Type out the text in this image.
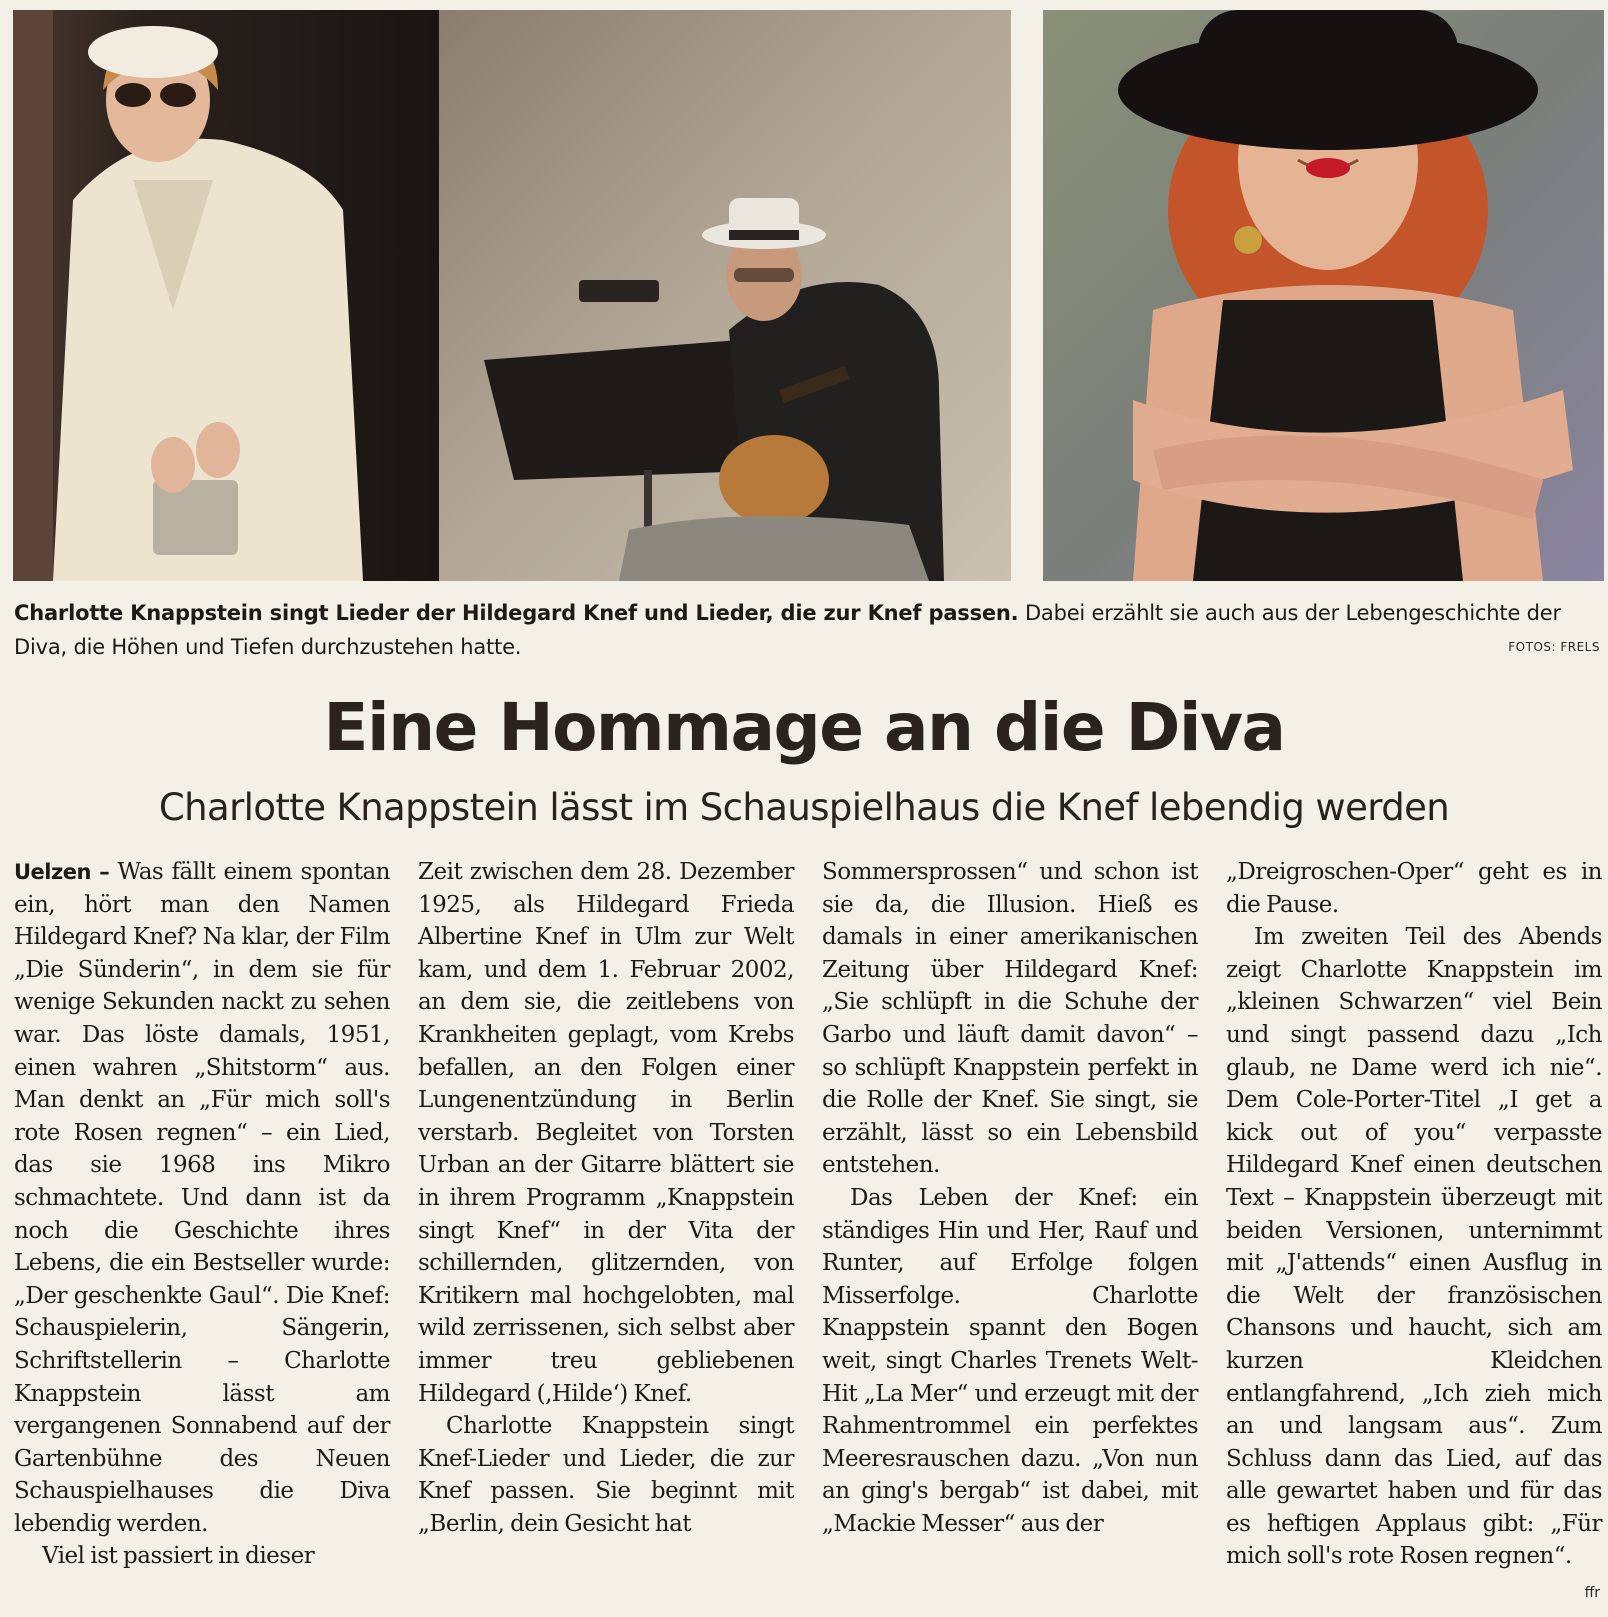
Charlotte Knappstein singt Lieder der Hildegard Knef und Lieder, die zur Knef passen. Dabei erzählt sie auch aus der Lebengeschichte der Diva, die Höhen und Tiefen durchzustehen hatte.	FOTOS: FRELS
Eine Hommage an die Diva
Charlotte Knappstein lässt im Schauspielhaus die Knef lebendig werden

Uelzen – Was fällt einem spontan ein, hört man den Namen Hildegard Knef? Na klar, der Film „Die Sünderin“, in dem sie für wenige Sekunden nackt zu sehen war. Das löste damals, 1951, einen wahren „Shitstorm“ aus. Man denkt an „Für mich soll's rote Rosen regnen“ – ein Lied, das sie 1968 ins Mikro schmachtete. Und dann ist da noch die Geschichte ihres Lebens, die ein Bestseller wurde: „Der geschenkte Gaul“. Die Knef: Schauspielerin, Sängerin, Schriftstellerin – Charlotte Knappstein lässt am vergangenen Sonnabend auf der Gartenbühne des Neuen Schauspielhauses die Diva lebendig werden.

Viel ist passiert in dieser

Zeit zwischen dem 28. Dezember 1925, als Hildegard Frieda Albertine Knef in Ulm zur Welt kam, und dem 1. Februar 2002, an dem sie, die zeitlebens von Krankheiten geplagt, vom Krebs befallen, an den Folgen einer Lungenentzündung in Berlin verstarb. Begleitet von Torsten Urban an der Gitarre blättert sie in ihrem Programm „Knappstein singt Knef“ in der Vita der schillernden, glitzernden, von Kritikern mal hochgelobten, mal wild zerrissenen, sich selbst aber immer treu gebliebenen Hildegard (‚Hilde‘) Knef.

Charlotte Knappstein singt Knef-Lieder und Lieder, die zur Knef passen. Sie beginnt mit „Berlin, dein Gesicht hat

Sommersprossen“ und schon ist sie da, die Illusion. Hieß es damals in einer amerikanischen Zeitung über Hildegard Knef: „Sie schlüpft in die Schuhe der Garbo und läuft damit davon“ – so schlüpft Knappstein perfekt in die Rolle der Knef. Sie singt, sie erzählt, lässt so ein Lebensbild entstehen.

Das Leben der Knef: ein ständiges Hin und Her, Rauf und Runter, auf Erfolge folgen Misserfolge. Charlotte Knappstein spannt den Bogen weit, singt Charles Trenets Welt-Hit „La Mer“ und erzeugt mit der Rahmentrommel ein perfektes Meeresrauschen dazu. „Von nun an ging's bergab“ ist dabei, mit „Mackie Messer“ aus der

„Dreigroschen-Oper“ geht es in die Pause.

Im zweiten Teil des Abends zeigt Charlotte Knappstein im „kleinen Schwarzen“ viel Bein und singt passend dazu „Ich glaub, ne Dame werd ich nie“. Dem Cole-Porter-Titel „I get a kick out of you“ verpasste Hildegard Knef einen deutschen Text – Knappstein überzeugt mit beiden Versionen, unternimmt mit „J'attends“ einen Ausflug in die Welt der französischen Chansons und haucht, sich am kurzen Kleidchen entlangfahrend, „Ich zieh mich an und langsam aus“. Zum Schluss dann das Lied, auf das alle gewartet haben und für das es heftigen Applaus gibt: „Für mich soll's rote Rosen regnen“.

ffr
